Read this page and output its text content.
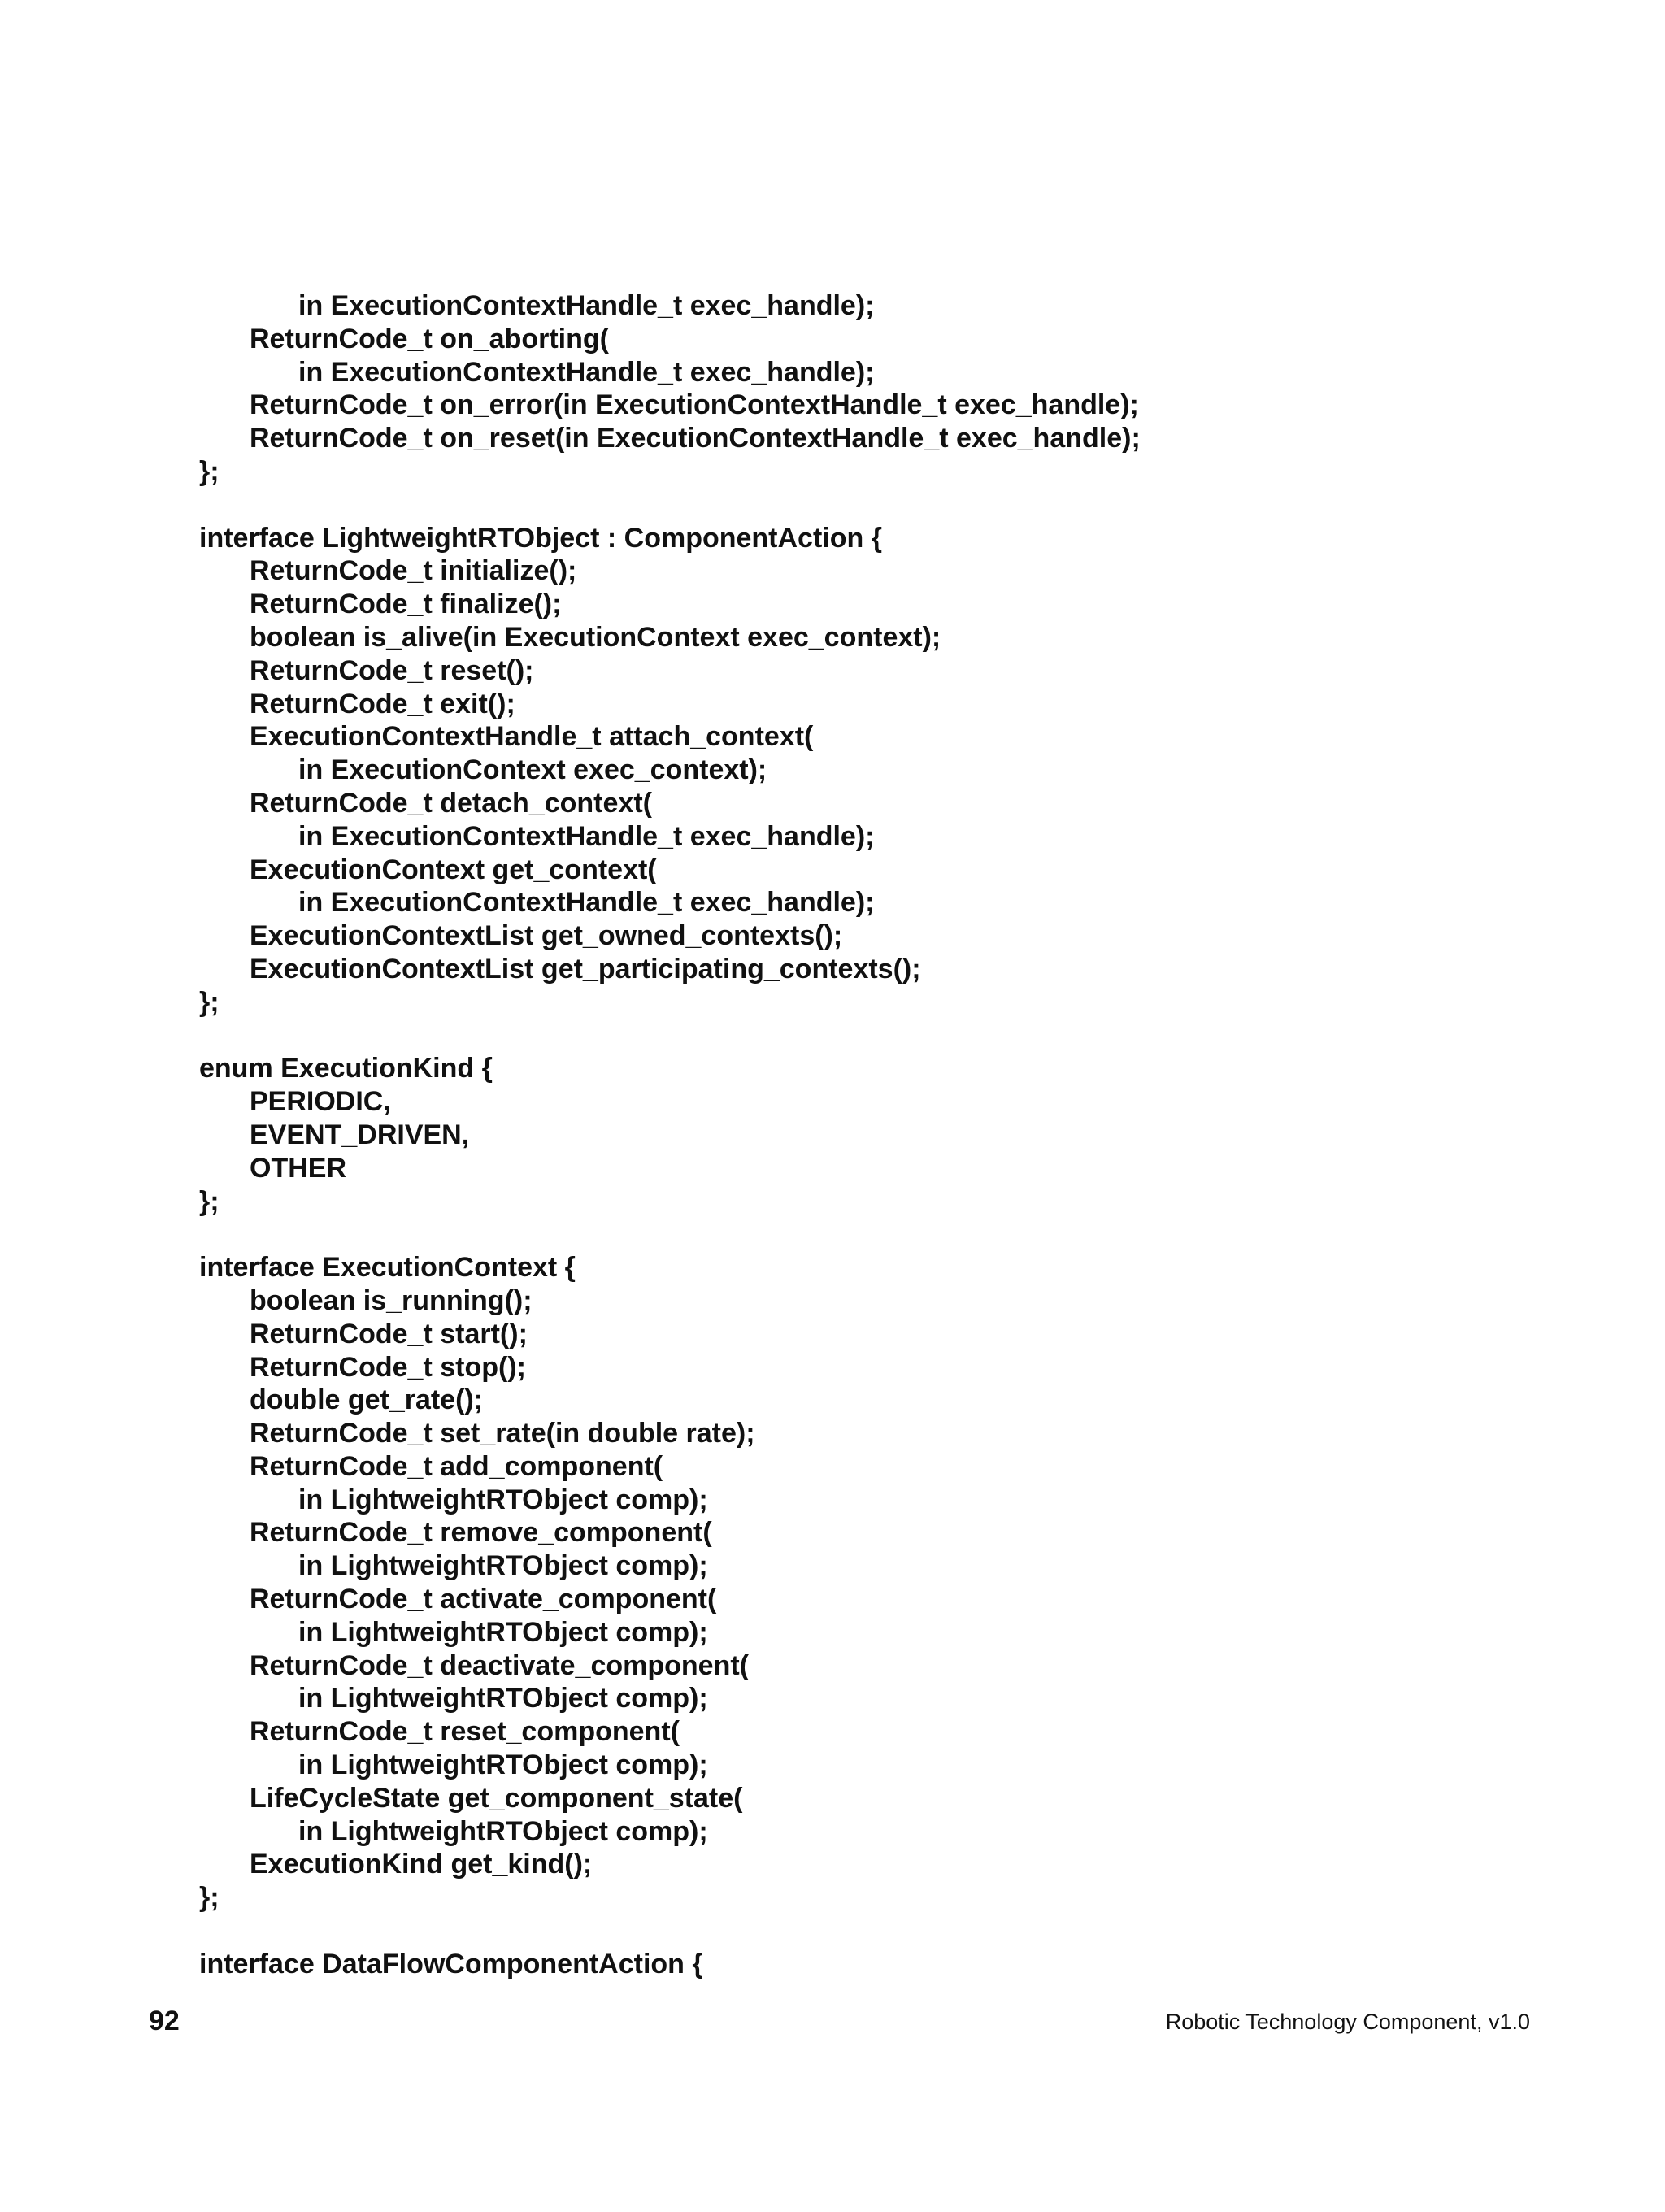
in ExecutionContextHandle_t exec_handle);
ReturnCode_t on_aborting(
in ExecutionContextHandle_t exec_handle);
ReturnCode_t on_error(in ExecutionContextHandle_t exec_handle);
ReturnCode_t on_reset(in ExecutionContextHandle_t exec_handle);
};
interface LightweightRTObject : ComponentAction {
ReturnCode_t initialize();
ReturnCode_t finalize();
boolean is_alive(in ExecutionContext exec_context);
ReturnCode_t reset();
ReturnCode_t exit();
ExecutionContextHandle_t attach_context(
in ExecutionContext exec_context);
ReturnCode_t detach_context(
in ExecutionContextHandle_t exec_handle);
ExecutionContext get_context(
in ExecutionContextHandle_t exec_handle);
ExecutionContextList get_owned_contexts();
ExecutionContextList get_participating_contexts();
};
enum ExecutionKind {
PERIODIC,
EVENT_DRIVEN,
OTHER
};
interface ExecutionContext {
boolean is_running();
ReturnCode_t start();
ReturnCode_t stop();
double get_rate();
ReturnCode_t set_rate(in double rate);
ReturnCode_t add_component(
in LightweightRTObject comp);
ReturnCode_t remove_component(
in LightweightRTObject comp);
ReturnCode_t activate_component(
in LightweightRTObject comp);
ReturnCode_t deactivate_component(
in LightweightRTObject comp);
ReturnCode_t reset_component(
in LightweightRTObject comp);
LifeCycleState get_component_state(
in LightweightRTObject comp);
ExecutionKind get_kind();
};
interface DataFlowComponentAction {
92	Robotic Technology Component, v1.0
